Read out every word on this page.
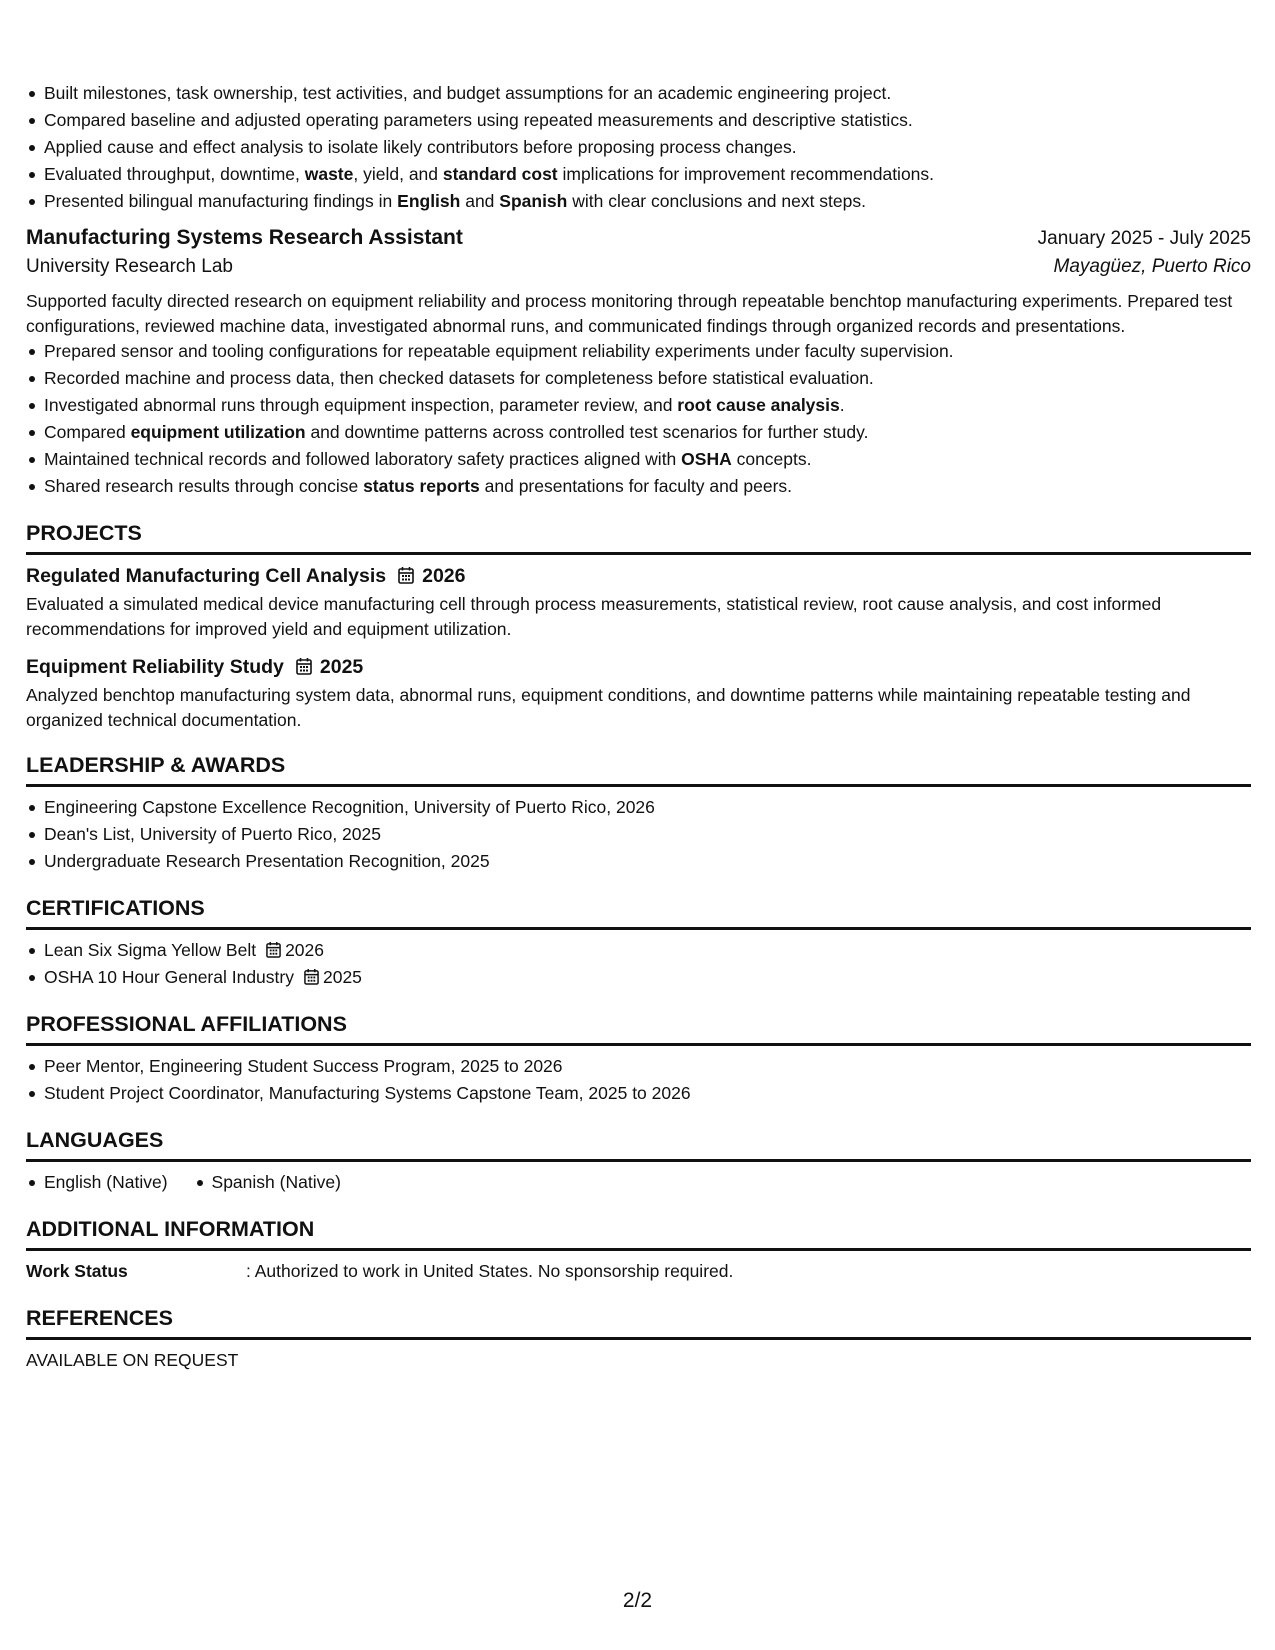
Built milestones, task ownership, test activities, and budget assumptions for an academic engineering project.
Compared baseline and adjusted operating parameters using repeated measurements and descriptive statistics.
Applied cause and effect analysis to isolate likely contributors before proposing process changes.
Evaluated throughput, downtime, waste, yield, and standard cost implications for improvement recommendations.
Presented bilingual manufacturing findings in English and Spanish with clear conclusions and next steps.
Manufacturing Systems Research Assistant	January 2025 - July 2025
University Research Lab	Mayagüez, Puerto Rico

Supported faculty directed research on equipment reliability and process monitoring through repeatable benchtop manufacturing experiments. Prepared test configurations, reviewed machine data, investigated abnormal runs, and communicated findings through organized records and presentations.

Prepared sensor and tooling configurations for repeatable equipment reliability experiments under faculty supervision.
Recorded machine and process data, then checked datasets for completeness before statistical evaluation.
Investigated abnormal runs through equipment inspection, parameter review, and root cause analysis.
Compared equipment utilization and downtime patterns across controlled test scenarios for further study.
Maintained technical records and followed laboratory safety practices aligned with OSHA concepts.
Shared research results through concise status reports and presentations for faculty and peers.
PROJECTS
Regulated Manufacturing Cell Analysis 2026

Evaluated a simulated medical device manufacturing cell through process measurements, statistical review, root cause analysis, and cost informed recommendations for improved yield and equipment utilization.

Equipment Reliability Study 2025

Analyzed benchtop manufacturing system data, abnormal runs, equipment conditions, and downtime patterns while maintaining repeatable testing and organized technical documentation.

LEADERSHIP & AWARDS
Engineering Capstone Excellence Recognition, University of Puerto Rico, 2026
Dean's List, University of Puerto Rico, 2025
Undergraduate Research Presentation Recognition, 2025
CERTIFICATIONS
Lean Six Sigma Yellow Belt 2026
OSHA 10 Hour General Industry 2025
PROFESSIONAL AFFILIATIONS
Peer Mentor, Engineering Student Success Program, 2025 to 2026
Student Project Coordinator, Manufacturing Systems Capstone Team, 2025 to 2026
LANGUAGES
English (Native)	Spanish (Native)
ADDITIONAL INFORMATION
Work Status	: Authorized to work in United States. No sponsorship required.
REFERENCES
AVAILABLE ON REQUEST
2/2
